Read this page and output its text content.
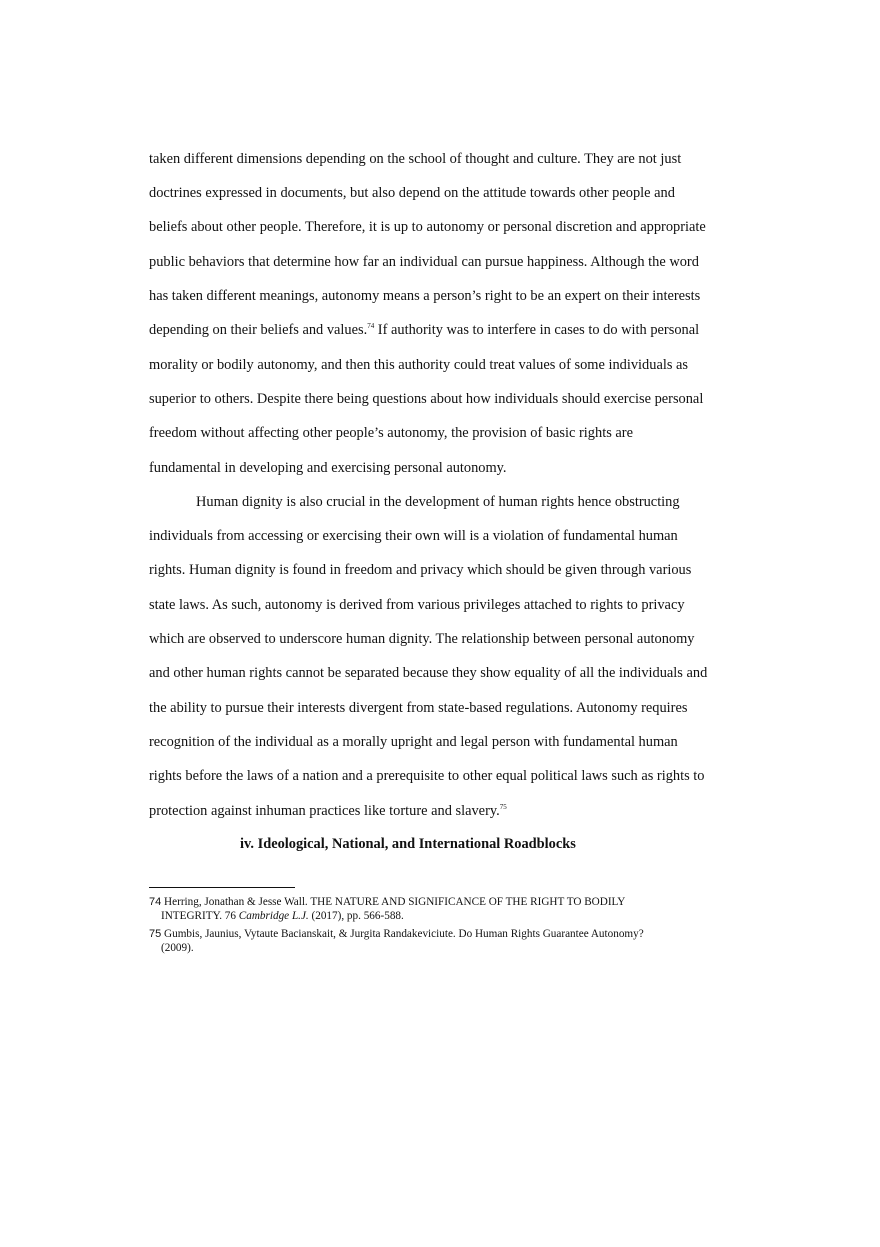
taken different dimensions depending on the school of thought and culture. They are not just
doctrines expressed in documents, but also depend on the attitude towards other people and
beliefs about other people. Therefore, it is up to autonomy or personal discretion and appropriate
public behaviors that determine how far an individual can pursue happiness. Although the word
has taken different meanings, autonomy means a person’s right to be an expert on their interests
depending on their beliefs and values.$^{74}$ If authority was to interfere in cases to do with personal
morality or bodily autonomy, and then this authority could treat values of some individuals as
superior to others. Despite there being questions about how individuals should exercise personal
freedom without affecting other people’s autonomy, the provision of basic rights are
fundamental in developing and exercising personal autonomy.
Human dignity is also crucial in the development of human rights hence obstructing
individuals from accessing or exercising their own will is a violation of fundamental human
rights. Human dignity is found in freedom and privacy which should be given through various
state laws. As such, autonomy is derived from various privileges attached to rights to privacy
which are observed to underscore human dignity. The relationship between personal autonomy
and other human rights cannot be separated because they show equality of all the individuals and
the ability to pursue their interests divergent from state-based regulations. Autonomy requires
recognition of the individual as a morally upright and legal person with fundamental human
rights before the laws of a nation and a prerequisite to other equal political laws such as rights to
protection against inhuman practices like torture and slavery.$^{75}$
iv. Ideological, National, and International Roadblocks
74 Herring, Jonathan & Jesse Wall. THE NATURE AND SIGNIFICANCE OF THE RIGHT TO BODILY
INTEGRITY. 76 Cambridge L.J. (2017), pp. 566-588.
75 Gumbis, Jaunius, Vytaute Bacianskait, & Jurgita Randakeviciute. Do Human Rights Guarantee Autonomy?
(2009).
